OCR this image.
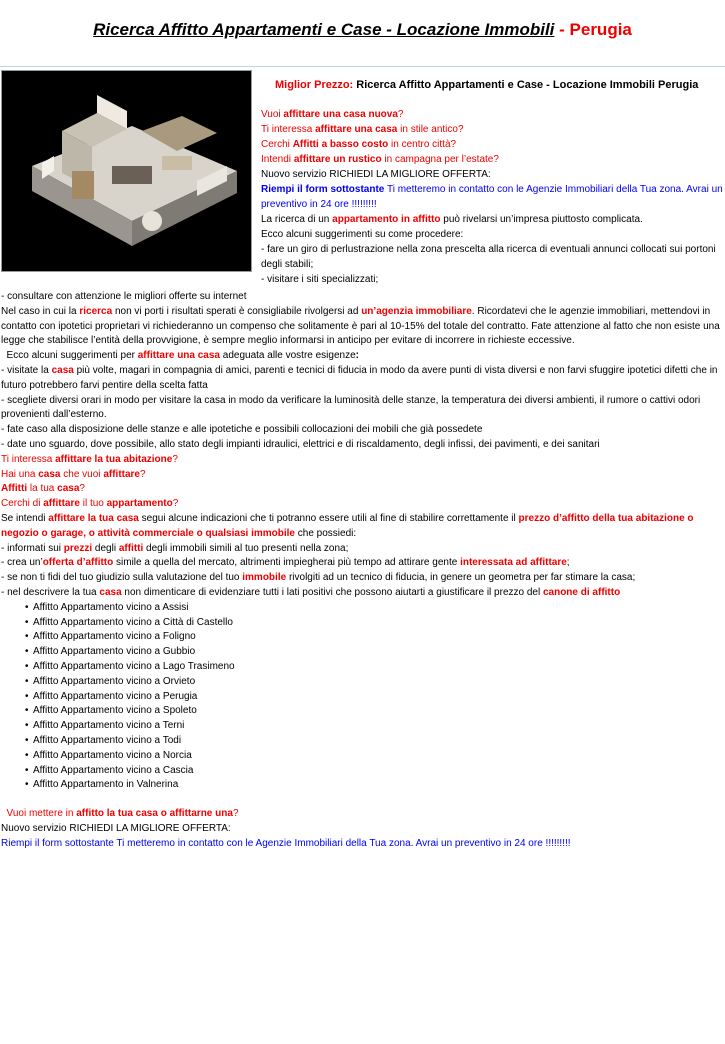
Ricerca Affitto Appartamenti e Case - Locazione Immobili - Perugia
Miglior Prezzo: Ricerca Affitto Appartamenti e Case - Locazione Immobili Perugia
Vuoi affittare una casa nuova?
Ti interessa affittare una casa in stile antico?
Cerchi Affitti a basso costo in centro città?
Intendi affittare un rustico in campagna per l’estate?
Nuovo servizio RICHIEDI LA MIGLIORE OFFERTA:
Riempi il form sottostante Ti metteremo in contatto con le Agenzie Immobiliari della Tua zona. Avrai un preventivo in 24 ore !!!!!!!!!
La ricerca di un appartamento in affitto può rivelarsi un’impresa piuttosto complicata.
Ecco alcuni suggerimenti su come procedere:
- fare un giro di perlustrazione nella zona prescelta alla ricerca di eventuali annunci collocati sui portoni degli stabili;
- visitare i siti specializzati;
- consultare con attenzione le migliori offerte su internet
Nel caso in cui la ricerca non vi porti i risultati sperati è consigliabile rivolgersi ad un’agenzia immobiliare. Ricordatevi che le agenzie immobiliari, mettendovi in contatto con ipotetici proprietari vi richiederanno un compenso che solitamente è pari al 10-15% del totale del contratto. Fate attenzione al fatto che non esiste una legge che stabilisce l’entità della provvigione, è sempre meglio informarsi in anticipo per evitare di incorrere in richieste eccessive.
Ecco alcuni suggerimenti per affittare una casa adeguata alle vostre esigenze:
- visitate la casa più volte, magari in compagnia di amici, parenti e tecnici di fiducia in modo da avere punti di vista diversi e non farvi sfuggire ipotetici difetti che in futuro potrebbero farvi pentire della scelta fatta
- scegliete diversi orari in modo per visitare la casa in modo da verificare la luminosità delle stanze, la temperatura dei diversi ambienti, il rumore o cattivi odori provenienti dall’esterno.
- fate caso alla disposizione delle stanze e alle ipotetiche e possibili collocazioni dei mobili che già possedete
- date uno sguardo, dove possibile, allo stato degli impianti idraulici, elettrici e di riscaldamento, degli infissi, dei pavimenti, e dei sanitari
Ti interessa affittare la tua abitazione?
Hai una casa che vuoi affittare?
Affitti la tua casa?
Cerchi di affittare il tuo appartamento?
Se intendi affittare la tua casa segui alcune indicazioni che ti potranno essere utili al fine di stabilire correttamente il prezzo d’affitto della tua abitazione o negozio o garage, o attività commerciale o qualsiasi immobile che possiedi:
- informati sui prezzi degli affitti degli immobili simili al tuo presenti nella zona;
- crea un’offerta d’affitto simile a quella del mercato, altrimenti impiegherai più tempo ad attirare gente interessata ad affittare;
- se non ti fidi del tuo giudizio sulla valutazione del tuo immobile rivolgiti ad un tecnico di fiducia, in genere un geometra per far stimare la casa;
- nel descrivere la tua casa non dimenticare di evidenziare tutti i lati positivi che possono aiutarti a giustificare il prezzo del canone di affitto
• Affitto Appartamento vicino a Assisi
• Affitto Appartamento vicino a Città di Castello
• Affitto Appartamento vicino a Foligno
• Affitto Appartamento vicino a Gubbio
• Affitto Appartamento vicino a Lago Trasimeno
• Affitto Appartamento vicino a Orvieto
• Affitto Appartamento vicino a Perugia
• Affitto Appartamento vicino a Spoleto
• Affitto Appartamento vicino a Terni
• Affitto Appartamento vicino a Todi
• Affitto Appartamento vicino a Norcia
• Affitto Appartamento vicino a Cascia
• Affitto Appartamento in Valnerina
Vuoi mettere in affitto la tua casa o affittarne una?
Nuovo servizio RICHIEDI LA MIGLIORE OFFERTA:
Riempi il form sottostante Ti metteremo in contatto con le Agenzie Immobiliari della Tua zona. Avrai un preventivo in 24 ore !!!!!!!!!
